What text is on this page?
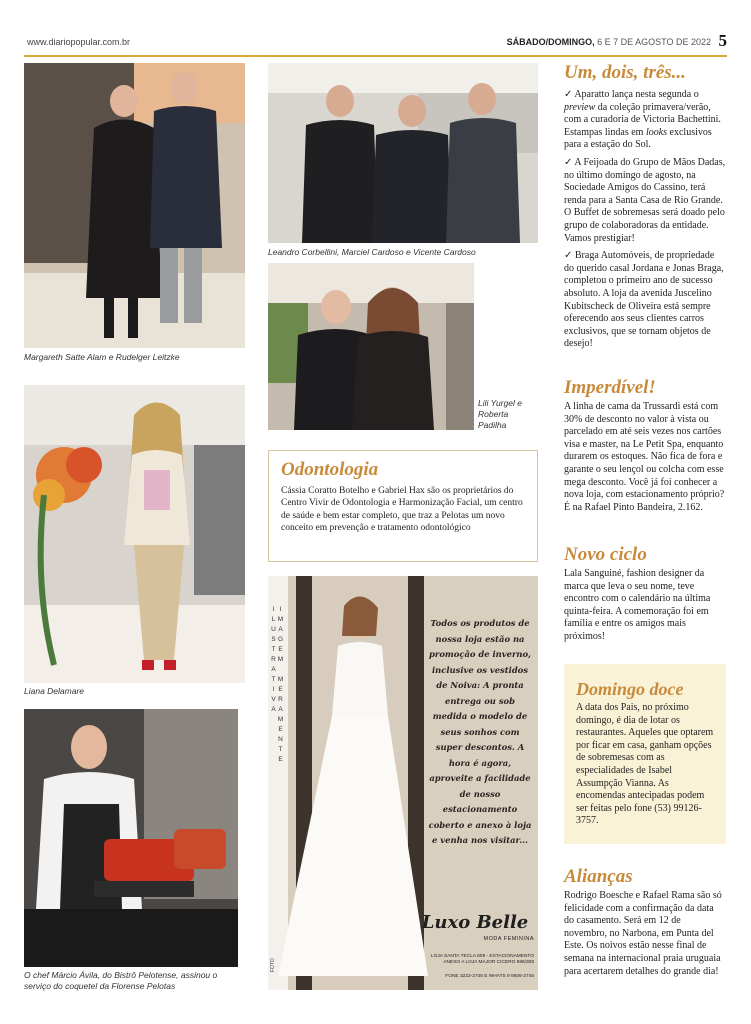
www.diariopopular.com.br	SÁBADO/DOMINGO, 6 E 7 DE AGOSTO DE 2022 5
Margareth Satte Alam e Rudelger Leitzke
Leandro Corbellini, Marciel Cardoso e Vicente Cardoso
Lili Yurgel e Roberta Padilha
Odontologia
Cássia Coratto Botelho e Gabriel Hax são os proprietários do Centro Vivir de Odontologia e Harmonização Facial, um centro de saúde e bem estar completo, que traz a Pelotas um novo conceito em prevenção e tratamento odontológico
Liana Delamare
O chef Márcio Ávila, do Bistrô Pelotense, assinou o serviço do coquetel da Florense Pelotas
IMAGEM MERAMENTE ILUSTRATIVA	Todos os produtos de nossa loja estão na promoção de inverno, inclusive os vestidos de Noiva: A pronta entrega ou sob medida o modelo de seus sonhos com super descontos. A hora é agora, aproveite a facilidade de nosso estacionamento coberto e anexo à loja e venha nos visitar...
Luxo Belle
MODA FEMININA
LOJA SANTA TECLA 609 - ESTACIONAMENTO ANEXO A LOJA MAJOR CICERO 986/308
FONE 3222-2745 E WHATS 9 9926-2745
FOTO
Um, dois, três...
✓ Aparatto lança nesta segunda o preview da coleção primavera/verão, com a curadoria de Victoria Bachettini. Estampas lindas em looks exclusivos para a estação do Sol.
✓ A Feijoada do Grupo de Mãos Dadas, no último domingo de agosto, na Sociedade Amigos do Cassino, terá renda para a Santa Casa de Rio Grande. O Buffet de sobremesas será doado pelo grupo de colaboradoras da entidade. Vamos prestigiar!
✓ Braga Automóveis, de propriedade do querido casal Jordana e Jonas Braga, completou o primeiro ano de sucesso absoluto. A loja da avenida Juscelino Kubitscheck de Oliveira está sempre oferecendo aos seus clientes carros exclusivos, que se tornam objetos de desejo!
Imperdível!
A linha de cama da Trussardi está com 30% de desconto no valor à vista ou parcelado em até seis vezes nos cartões visa e master, na Le Petit Spa, enquanto durarem os estoques. Não fica de fora e garante o seu lençol ou colcha com esse mega desconto. Você já foi conhecer a nova loja, com estacionamento próprio? É na Rafael Pinto Bandeira, 2.162.
Novo ciclo
Lala Sanguiné, fashion designer da marca que leva o seu nome, teve encontro com o calendário na última quinta-feira. A comemoração foi em família e entre os amigos mais próximos!
Domingo doce
A data dos Pais, no próximo domingo, é dia de lotar os restaurantes. Aqueles que optarem por ficar em casa, ganham opções de sobremesas com as especialidades de Isabel Assumpção Vianna. As encomendas antecipadas podem ser feitas pelo fone (53) 99126-3757.
Alianças
Rodrigo Boesche e Rafael Rama são só felicidade com a confirmação da data do casamento. Será em 12 de novembro, no Narbona, em Punta del Este. Os noivos estão nesse final de semana na internacional praia uruguaia para acertarem detalhes do grande dia!
